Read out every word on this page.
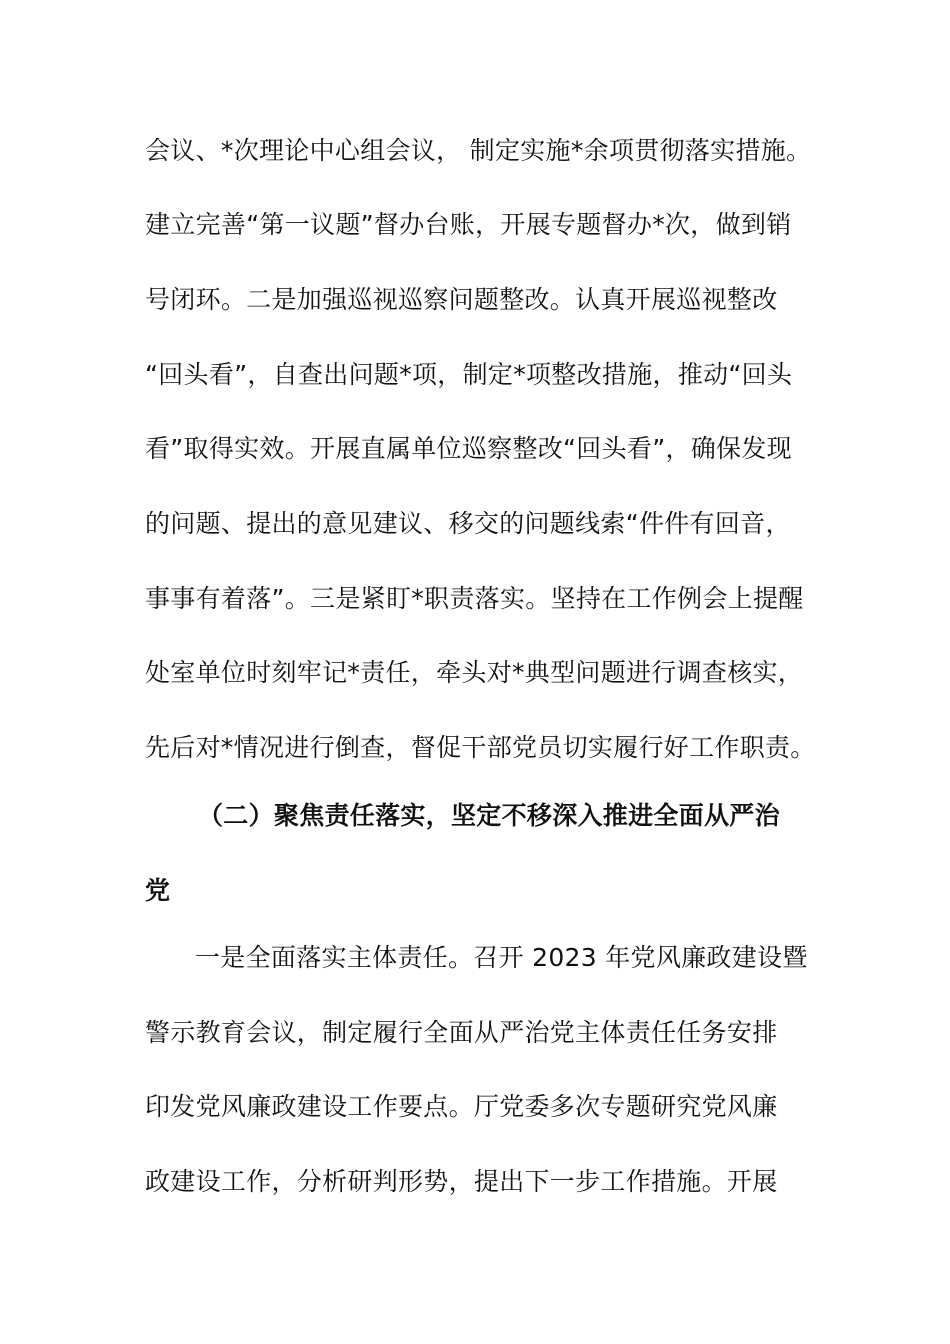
会议、*次理论中心组会议， 制定实施*余项贯彻落实措施。
建立完善“第一议题”督办台账，开展专题督办*次，做到销
号闭环。二是加强巡视巡察问题整改。认真开展巡视整改
“回头看”，自查出问题*项，制定*项整改措施，推动“回头
看”取得实效。开展直属单位巡察整改“回头看”，确保发现
的问题、提出的意见建议、移交的问题线索“件件有回音，
事事有着落”。三是紧盯*职责落实。坚持在工作例会上提醒
处室单位时刻牢记*责任，牵头对*典型问题进行调查核实，
先后对*情况进行倒查，督促干部党员切实履行好工作职责。
（二）聚焦责任落实，坚定不移深入推进全面从严治
党
一是全面落实主体责任。召开 2023 年党风廉政建设暨
警示教育会议，制定履行全面从严治党主体责任任务安排
印发党风廉政建设工作要点。厅党委多次专题研究党风廉
政建设工作，分析研判形势，提出下一步工作措施。开展
